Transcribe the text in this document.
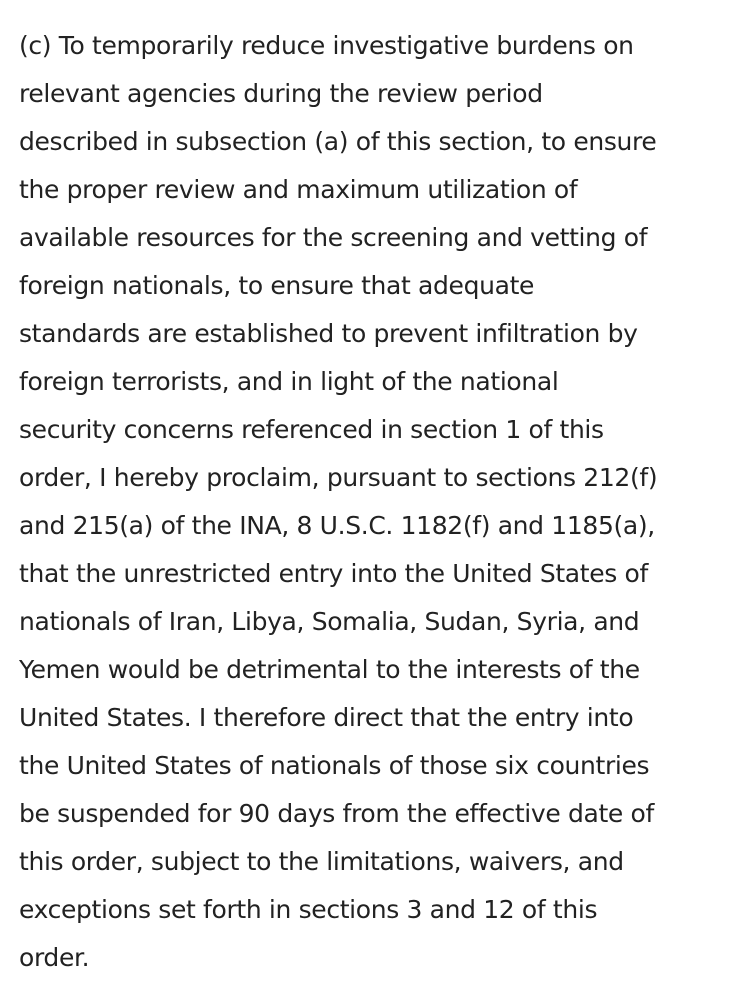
(c) To temporarily reduce investigative burdens on
relevant agencies during the review period
described in subsection (a) of this section, to ensure
the proper review and maximum utilization of
available resources for the screening and vetting of
foreign nationals, to ensure that adequate
standards are established to prevent infiltration by
foreign terrorists, and in light of the national
security concerns referenced in section 1 of this
order, I hereby proclaim, pursuant to sections 212(f)
and 215(a) of the INA, 8 U.S.C. 1182(f) and 1185(a),
that the unrestricted entry into the United States of
nationals of Iran, Libya, Somalia, Sudan, Syria, and
Yemen would be detrimental to the interests of the
United States. I therefore direct that the entry into
the United States of nationals of those six countries
be suspended for 90 days from the effective date of
this order, subject to the limitations, waivers, and
exceptions set forth in sections 3 and 12 of this
order.
